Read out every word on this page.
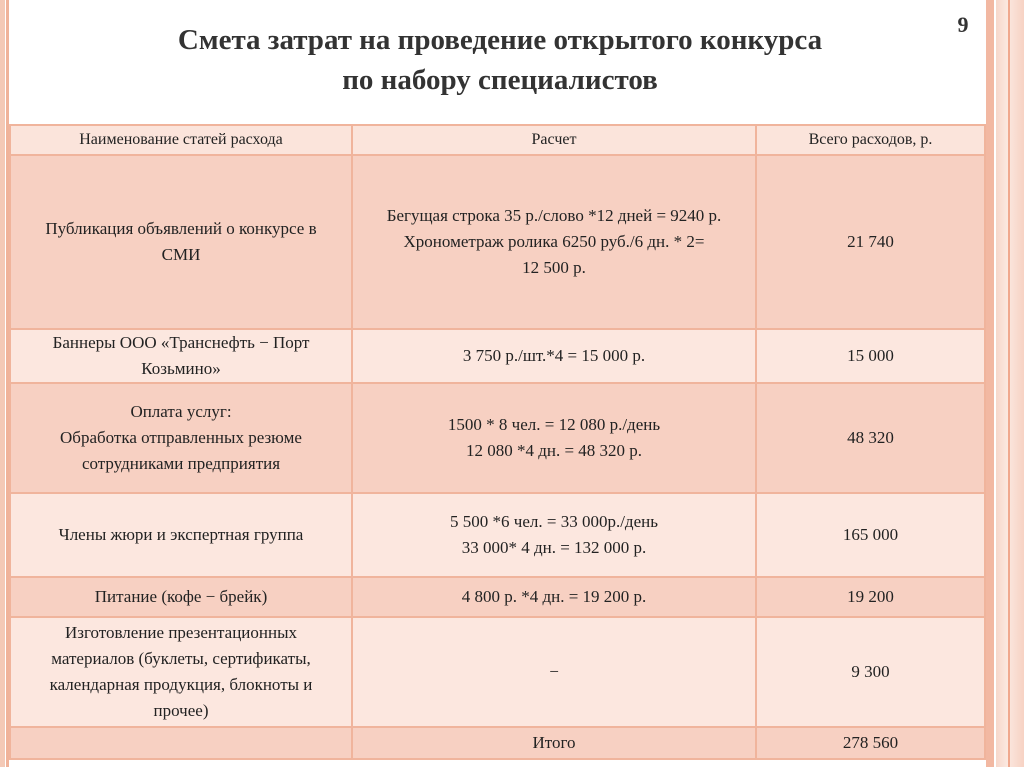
9
Смета затрат на проведение открытого конкурса
по набору специалистов
Наименование статей расхода	Расчет	Всего расходов, р.

Публикация объявлений о конкурсе в
СМИ	Бегущая строка 35 р./слово *12 дней = 9240 р.
Хронометраж ролика 6250 руб./6 дн. * 2=
12 500 р.	21 740

Баннеры ООО «Транснефть − Порт
Козьмино»	3 750 р./шт.*4 = 15 000 р.	15 000

Оплата услуг:
Обработка отправленных резюме
сотрудниками предприятия	1500 * 8 чел. = 12 080 р./день
12 080 *4 дн. = 48 320 р.	48 320

Члены жюри и экспертная группа	5 500 *6 чел. = 33 000р./день
33 000* 4 дн. = 132 000 р.	165 000

Питание (кофе − брейк)	4 800 р. *4 дн. = 19 200 р.	19 200

Изготовление презентационных
материалов (буклеты, сертификаты,
календарная продукция, блокноты и
прочее)	−	9 300

	Итого	278 560
